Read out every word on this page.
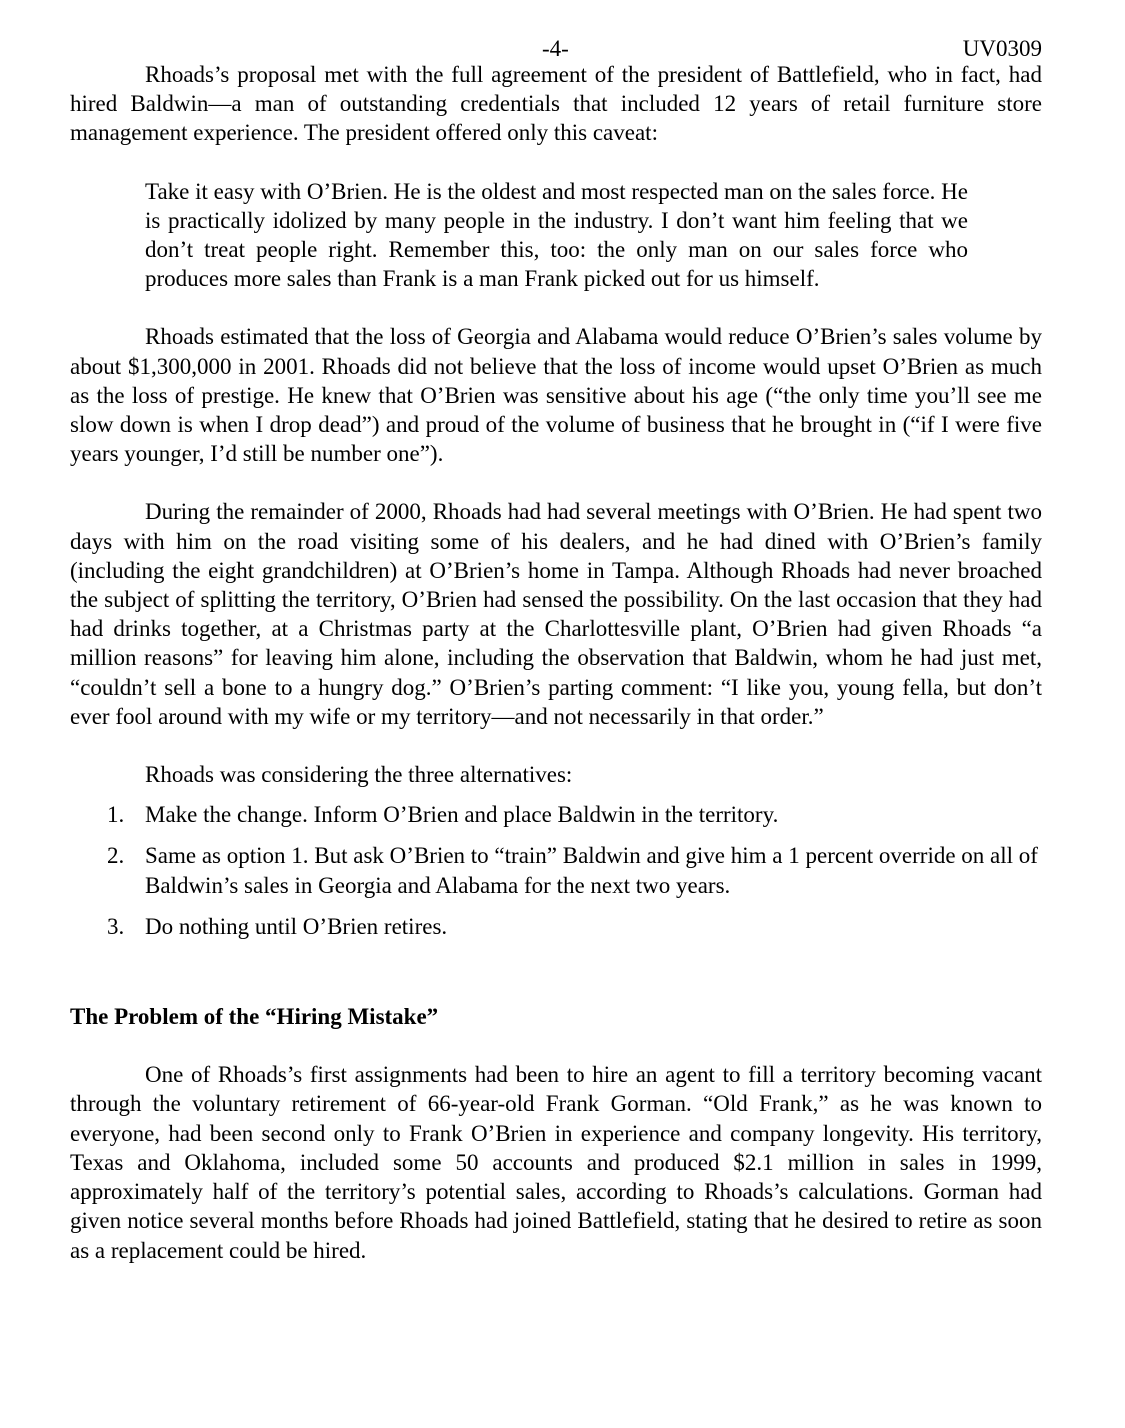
-4-	UV0309

Rhoads’s proposal met with the full agreement of the president of Battlefield, who in fact, had hired Baldwin—a man of outstanding credentials that included 12 years of retail furniture store management experience. The president offered only this caveat:

Take it easy with O’Brien. He is the oldest and most respected man on the sales force. He is practically idolized by many people in the industry. I don’t want him feeling that we don’t treat people right. Remember this, too: the only man on our sales force who produces more sales than Frank is a man Frank picked out for us himself.

Rhoads estimated that the loss of Georgia and Alabama would reduce O’Brien’s sales volume by about $1,300,000 in 2001. Rhoads did not believe that the loss of income would upset O’Brien as much as the loss of prestige. He knew that O’Brien was sensitive about his age (“the only time you’ll see me slow down is when I drop dead”) and proud of the volume of business that he brought in (“if I were five years younger, I’d still be number one”).

During the remainder of 2000, Rhoads had had several meetings with O’Brien. He had spent two days with him on the road visiting some of his dealers, and he had dined with O’Brien’s family (including the eight grandchildren) at O’Brien’s home in Tampa. Although Rhoads had never broached the subject of splitting the territory, O’Brien had sensed the possibility. On the last occasion that they had had drinks together, at a Christmas party at the Charlottesville plant, O’Brien had given Rhoads “a million reasons” for leaving him alone, including the observation that Baldwin, whom he had just met, “couldn’t sell a bone to a hungry dog.” O’Brien’s parting comment: “I like you, young fella, but don’t ever fool around with my wife or my territory—and not necessarily in that order.”

Rhoads was considering the three alternatives:

1. Make the change. Inform O’Brien and place Baldwin in the territory.
2. Same as option 1. But ask O’Brien to “train” Baldwin and give him a 1 percent override on all of Baldwin’s sales in Georgia and Alabama for the next two years.
3. Do nothing until O’Brien retires.

The Problem of the “Hiring Mistake”

One of Rhoads’s first assignments had been to hire an agent to fill a territory becoming vacant through the voluntary retirement of 66-year-old Frank Gorman. “Old Frank,” as he was known to everyone, had been second only to Frank O’Brien in experience and company longevity. His territory, Texas and Oklahoma, included some 50 accounts and produced $2.1 million in sales in 1999, approximately half of the territory’s potential sales, according to Rhoads’s calculations. Gorman had given notice several months before Rhoads had joined Battlefield, stating that he desired to retire as soon as a replacement could be hired.
